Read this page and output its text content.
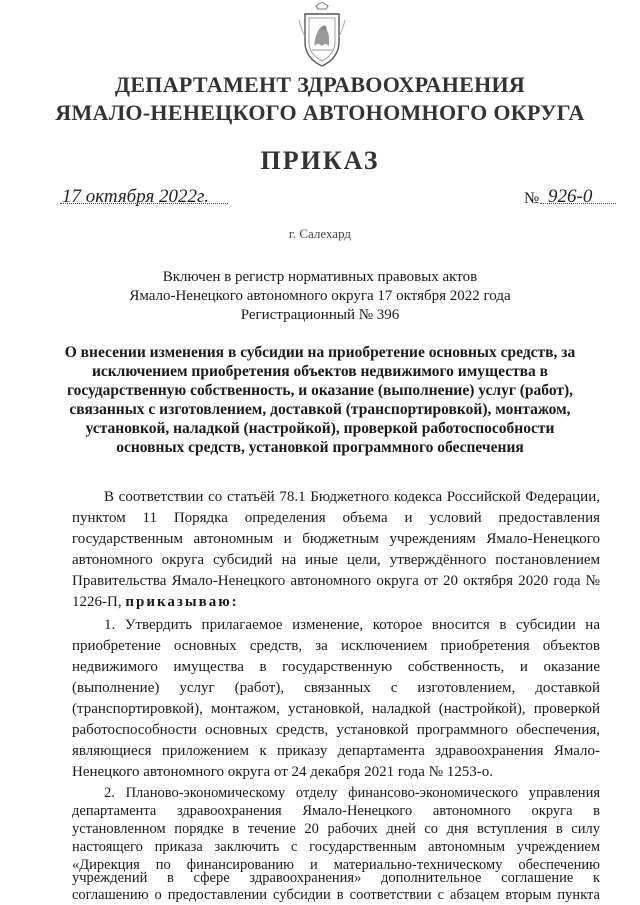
ДЕПАРТАМЕНТ ЗДРАВООХРАНЕНИЯ
ЯМАЛО-НЕНЕЦКОГО АВТОНОМНОГО ОКРУГА
ПРИКАЗ
17 октября 2022г.	№ 926-0
г. Салехард
Включен в регистр нормативных правовых актов
Ямало-Ненецкого автономного округа 17 октября 2022 года
Регистрационный № 396
О внесении изменения в субсидии на приобретение основных средств, за
исключением приобретения объектов недвижимого имущества в
государственную собственность, и оказание (выполнение) услуг (работ),
связанных с изготовлением, доставкой (транспортировкой), монтажом,
установкой, наладкой (настройкой), проверкой работоспособности
основных средств, установкой программного обеспечения
В соответствии со статьёй 78.1 Бюджетного кодекса Российской Федерации,
пунктом 11 Порядка определения объема и условий предоставления
государственным автономным и бюджетным учреждениям Ямало-Ненецкого
автономного округа субсидий на иные цели, утверждённого постановлением
Правительства Ямало-Ненецкого автономного округа от 20 октября 2020 года №
1226-П, приказываю:
1. Утвердить прилагаемое изменение, которое вносится в субсидии на
приобретение основных средств, за исключением приобретения объектов
недвижимого имущества в государственную собственность, и оказание
(выполнение) услуг (работ), связанных с изготовлением, доставкой
(транспортировкой), монтажом, установкой, наладкой (настройкой), проверкой
работоспособности основных средств, установкой программного обеспечения,
являющиеся приложением к приказу департамента здравоохранения Ямало-
Ненецкого автономного округа от 24 декабря 2021 года № 1253-о.
2. Планово-экономическому отделу финансово-экономического управления
департамента здравоохранения Ямало-Ненецкого автономного округа в
установленном порядке в течение 20 рабочих дней со дня вступления в силу
настоящего приказа заключить с государственным автономным учреждением
«Дирекция по финансированию и материально-техническому обеспечению
учреждений в сфере здравоохранения» дополнительное соглашение к
соглашению о предоставлении субсидии в соответствии с абзацем вторым пункта
